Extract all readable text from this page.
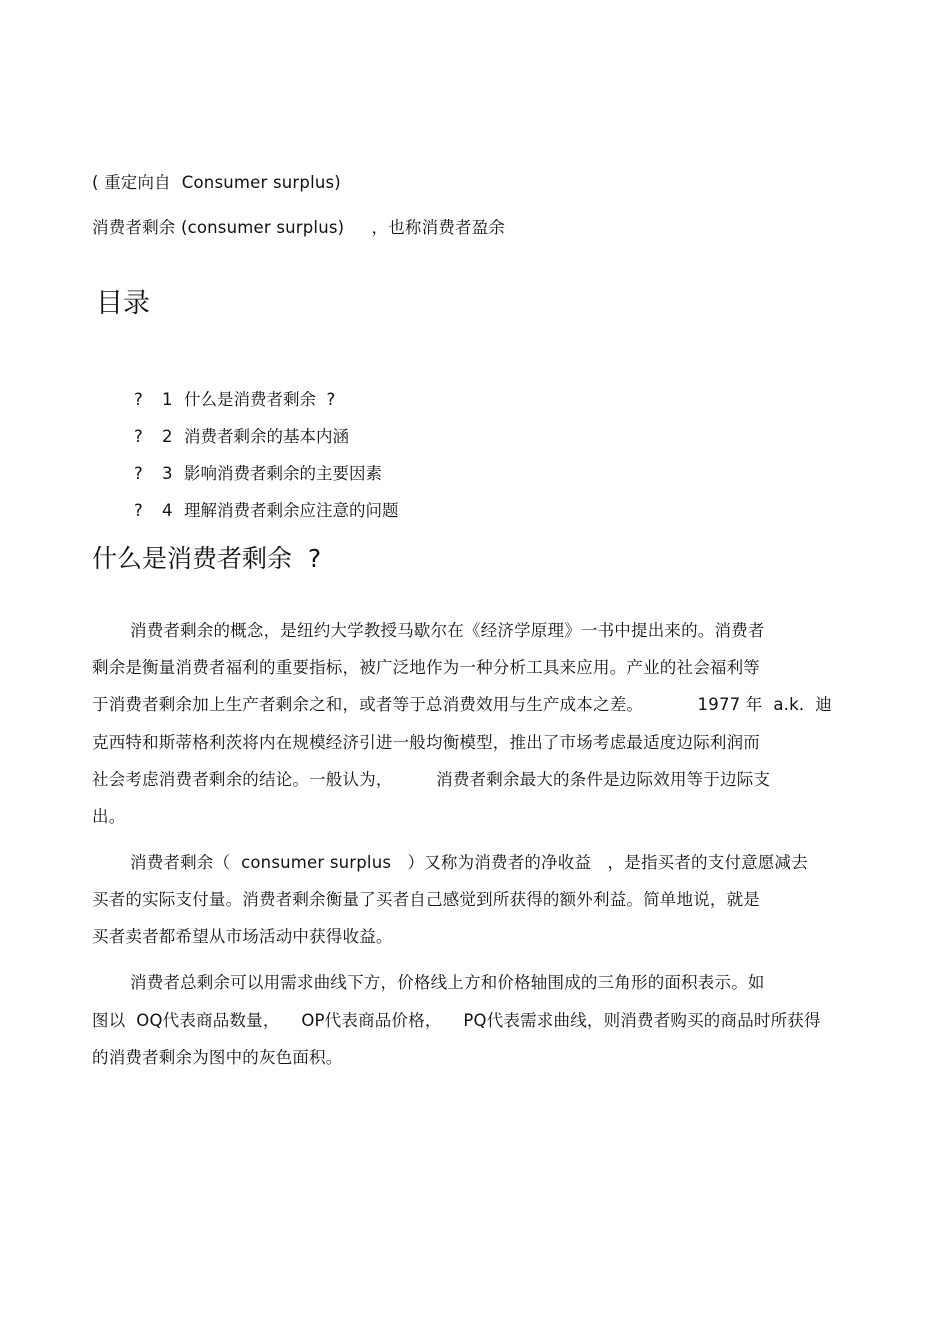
( 重定向自  Consumer surplus)
消费者剩余 (consumer surplus)     ，也称消费者盈余
目录

? 1 什么是消费者剩余  ?

? 2 消费者剩余的基本内涵

? 3 影响消费者剩余的主要因素

? 4 理解消费者剩余应注意的问题

什么是消费者剩余  ?
消费者剩余的概念，是纽约大学教授马歇尔在《经济学原理》一书中提出来的。消费者
剩余是衡量消费者福利的重要指标，被广泛地作为一种分析工具来应用。产业的社会福利等
于消费者剩余加上生产者剩余之和，或者等于总消费效用与生产成本之差。          1977 年  a.k.  迪
克西特和斯蒂格利茨将内在规模经济引进一般均衡模型，推出了市场考虑最适度边际利润而
社会考虑消费者剩余的结论。一般认为，        消费者剩余最大的条件是边际效用等于边际支
出。
消费者剩余（  consumer surplus   ）又称为消费者的净收益   ，是指买者的支付意愿减去
买者的实际支付量。消费者剩余衡量了买者自己感觉到所获得的额外利益。简单地说，就是
买者卖者都希望从市场活动中获得收益。
消费者总剩余可以用需求曲线下方，价格线上方和价格轴围成的三角形的面积表示。如
图以  OQ代表商品数量，    OP代表商品价格，    PQ代表需求曲线，则消费者购买的商品时所获得
的消费者剩余为图中的灰色面积。
